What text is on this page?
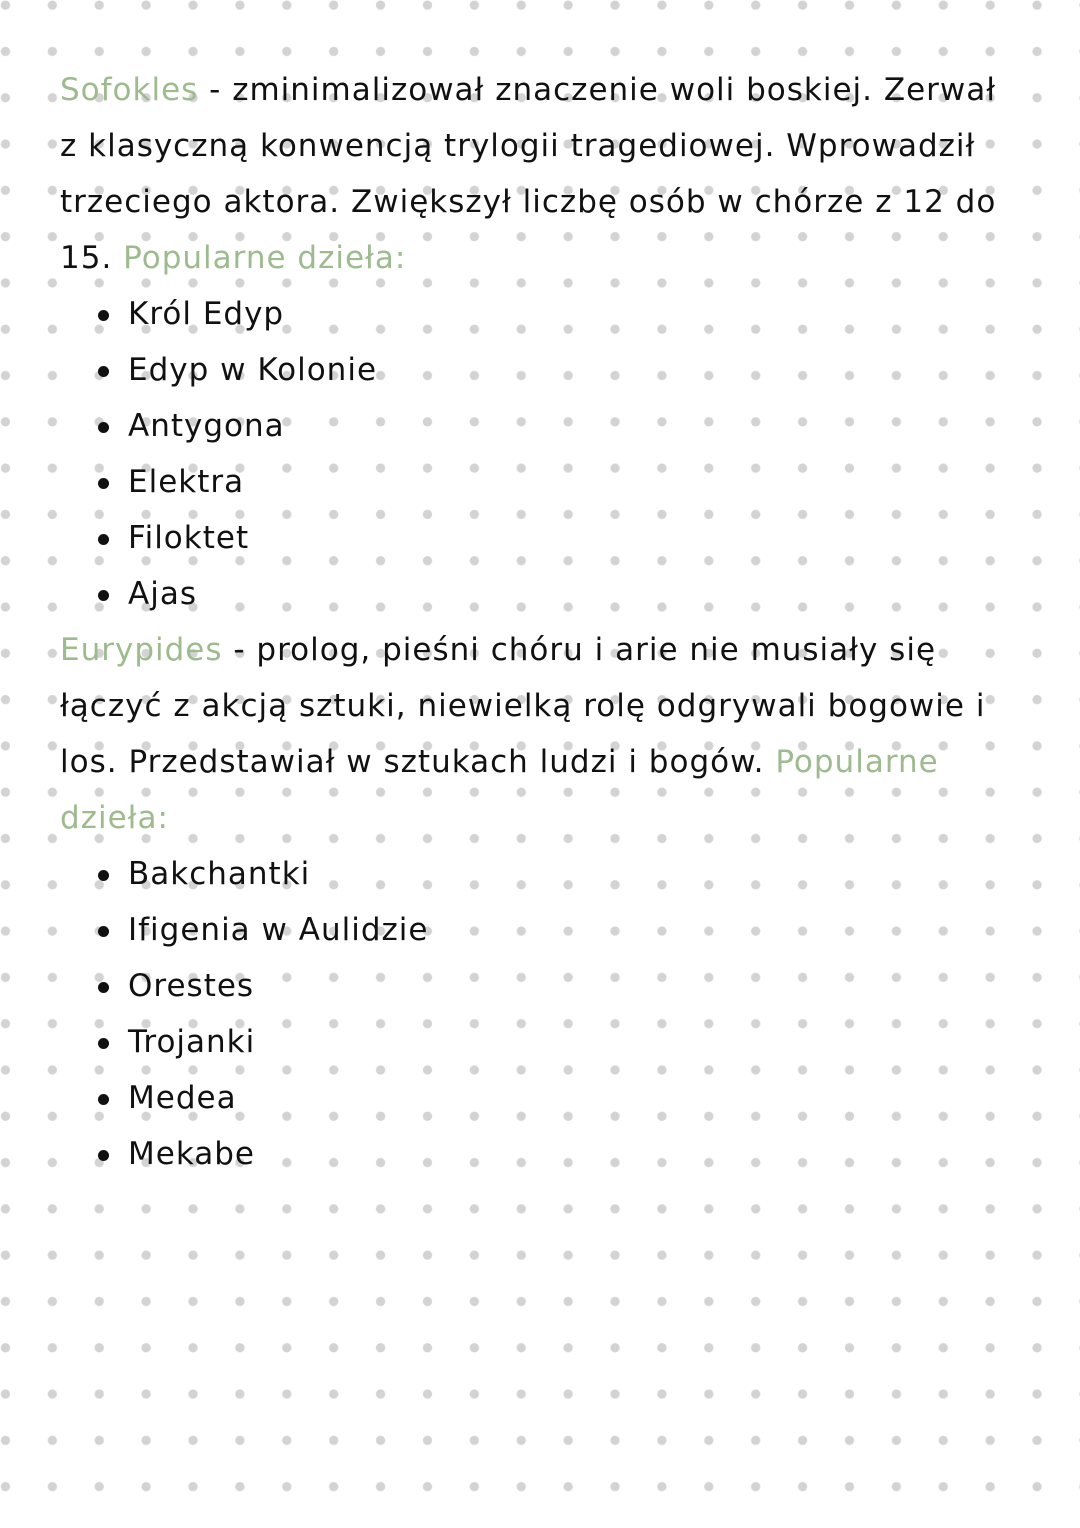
Sofokles - zminimalizował znaczenie woli boskiej. Zerwał z klasyczną konwencją trylogii tragediowej. Wprowadził trzeciego aktora. Zwiększył liczbę osób w chórze z 12 do 15. Popularne dzieła:

Król Edyp
Edyp w Kolonie
Antygona
Elektra
Filoktet
Ajas

Eurypides - prolog, pieśni chóru i arie nie musiały się łączyć z akcją sztuki, niewielką rolę odgrywali bogowie i los. Przedstawiał w sztukach ludzi i bogów. Popularne dzieła:

Bakchantki
Ifigenia w Aulidzie
Orestes
Trojanki
Medea
Mekabe
